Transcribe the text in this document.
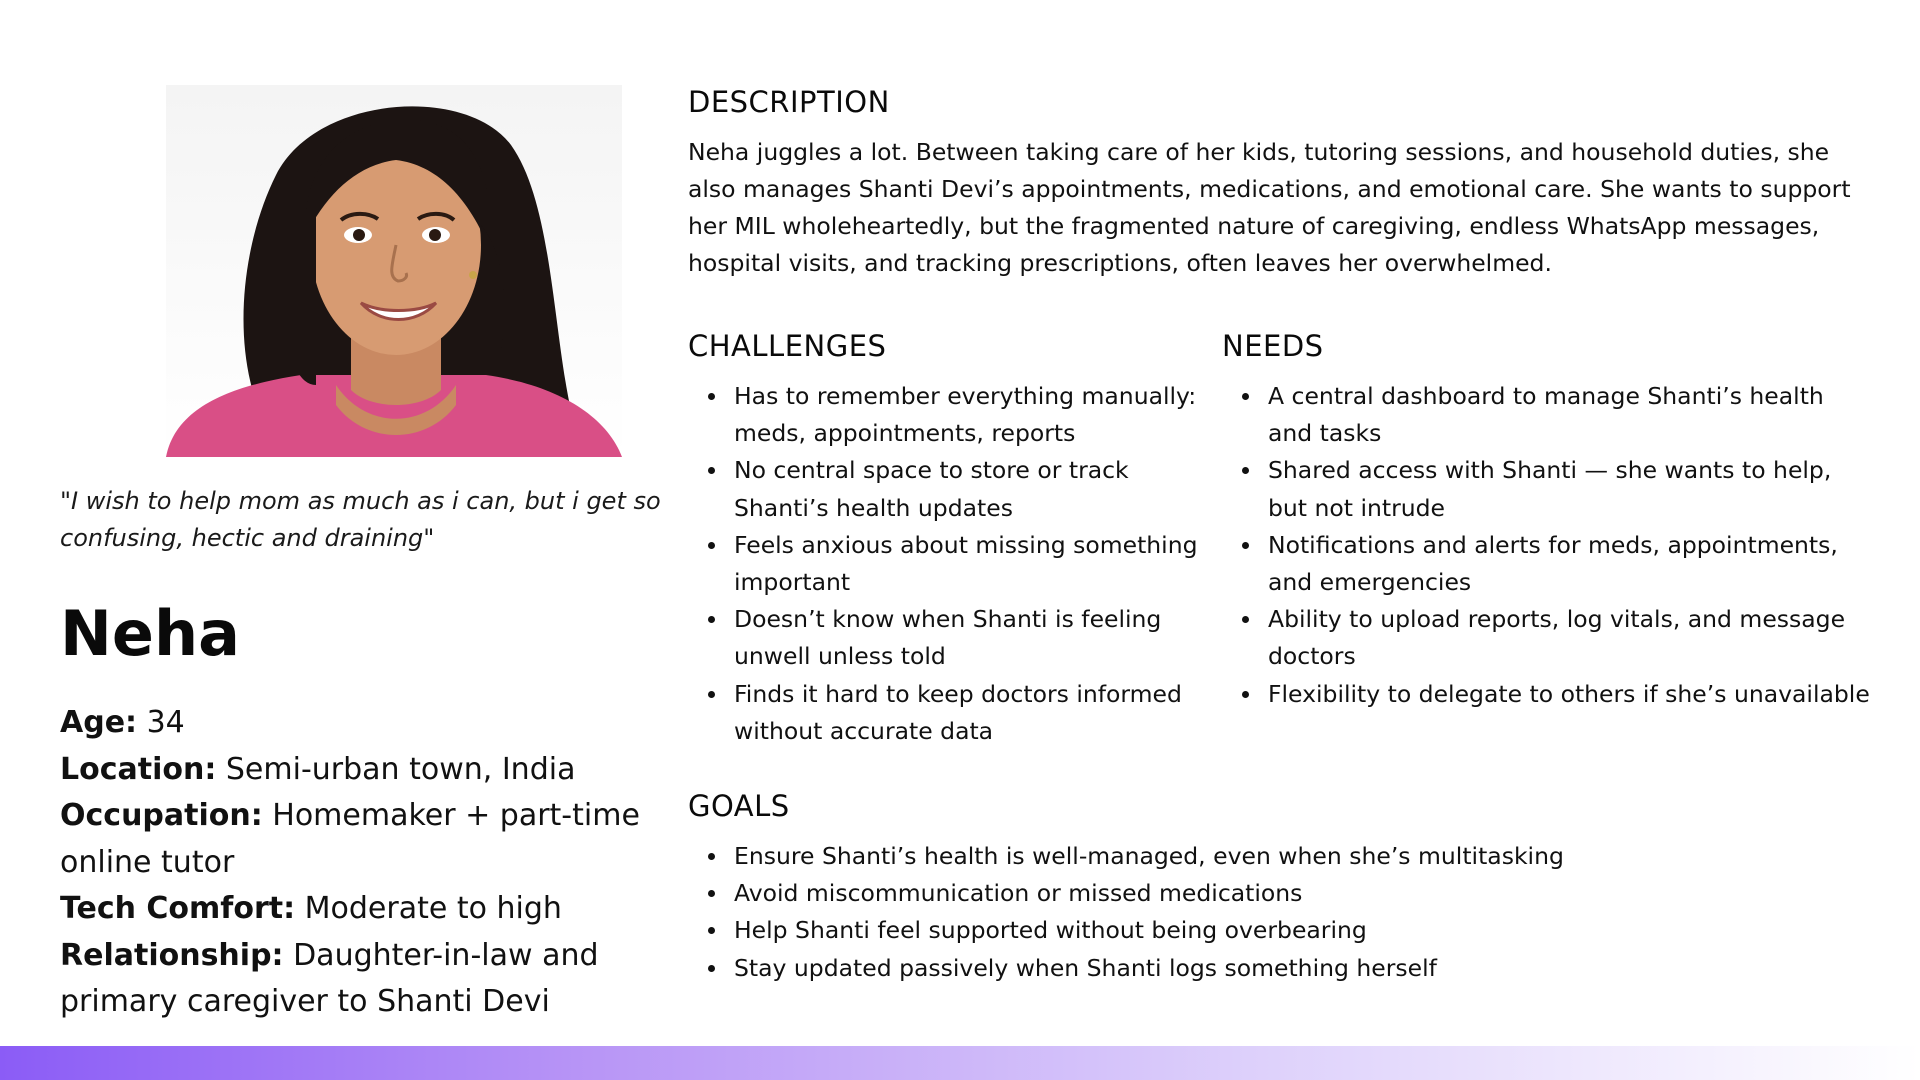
"I wish to help mom as much as i can, but i get so confusing, hectic and draining"
Neha
Age: 34
Location: Semi-urban town, India
Occupation: Homemaker + part-time online tutor
Tech Comfort: Moderate to high
Relationship: Daughter-in-law and primary caregiver to Shanti Devi
DESCRIPTION
Neha juggles a lot. Between taking care of her kids, tutoring sessions, and household duties, she also manages Shanti Devi’s appointments, medications, and emotional care. She wants to support her MIL wholeheartedly, but the fragmented nature of caregiving, endless WhatsApp messages, hospital visits, and tracking prescriptions, often leaves her overwhelmed.
CHALLENGES
Has to remember everything manually: meds, appointments, reports
No central space to store or track Shanti’s health updates
Feels anxious about missing something important
Doesn’t know when Shanti is feeling unwell unless told
Finds it hard to keep doctors informed without accurate data
NEEDS
A central dashboard to manage Shanti’s health and tasks
Shared access with Shanti — she wants to help, but not intrude
Notifications and alerts for meds, appointments, and emergencies
Ability to upload reports, log vitals, and message doctors
Flexibility to delegate to others if she’s unavailable
GOALS
Ensure Shanti’s health is well-managed, even when she’s multitasking
Avoid miscommunication or missed medications
Help Shanti feel supported without being overbearing
Stay updated passively when Shanti logs something herself
